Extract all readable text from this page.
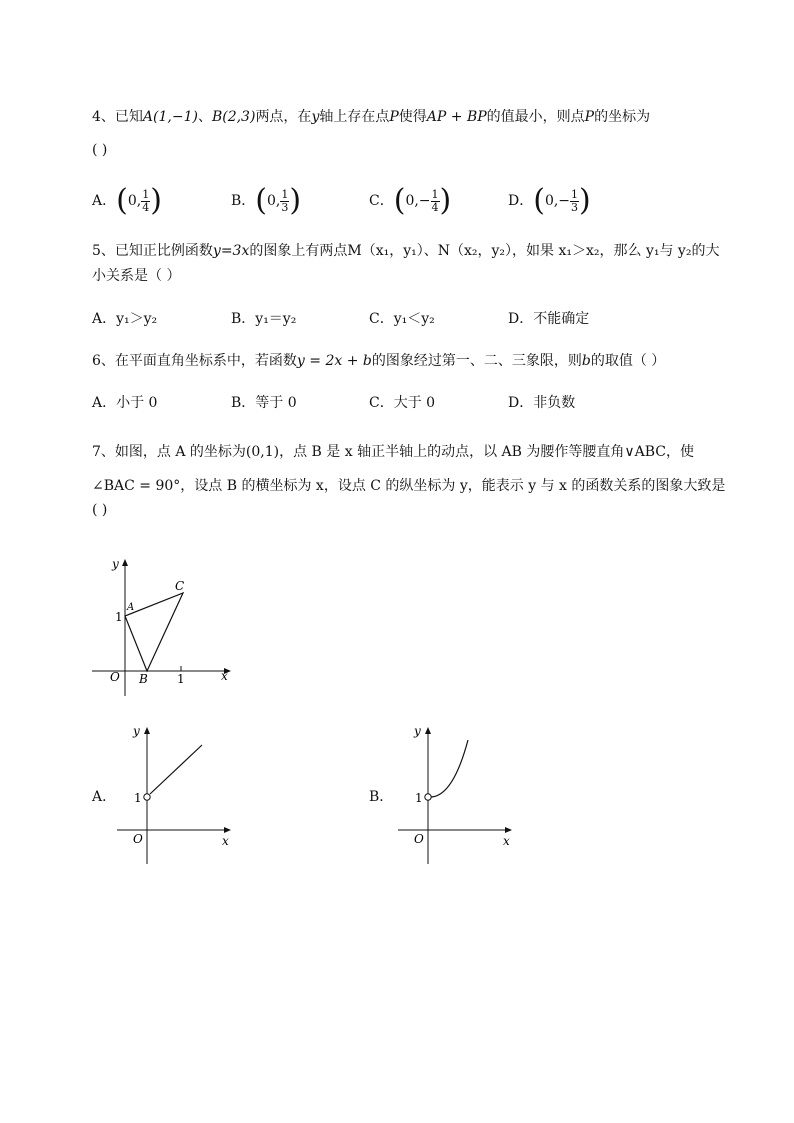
4、已知A(1,−1)、B(2,3)两点，在y轴上存在点P使得AP + BP的值最小，则点P的坐标为
( )
A．(0, $\frac{1}{4}$ )	B．(0, $\frac{1}{3}$ )	C．($0,- \frac{1}{4}$ )	D．($0,- \frac{1}{3}$ )
5、已知正比例函数y=3x的图象上有两点M（x₁，y₁）、N（x₂，y₂），如果 x₁＞x₂，那么 y₁与 y₂的大
小关系是（ ）
A．y₁＞y₂	B．y₁＝y₂	C．y₁＜y₂	D．不能确定
6、在平面直角坐标系中，若函数y = 2x + b的图象经过第一、二、三象限，则b的取值（ ）
A．小于 0	B．等于 0	C．大于 0	D．非负数
7、如图，点 A 的坐标为(0,1)，点 B 是 x 轴正半轴上的动点，以 AB 为腰作等腰直角∨ABC，使
∠BAC = 90°，设点 B 的横坐标为 x，设点 C 的纵坐标为 y，能表示 y 与 x 的函数关系的图象大致是
( )
y
x
O B 1
1
A
C
A．
y
x
O
1	B．
y
x
O
1
